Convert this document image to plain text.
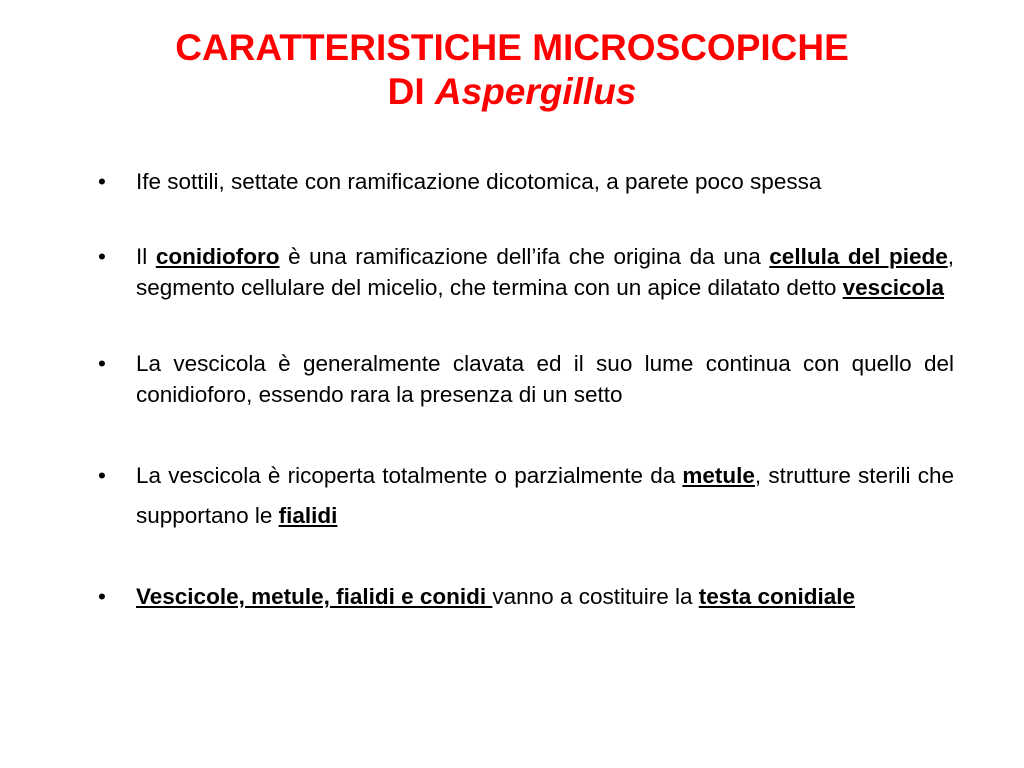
CARATTERISTICHE MICROSCOPICHE
DI Aspergillus
•	Ife sottili, settate con ramificazione dicotomica, a parete poco spessa
•	Il conidioforo è una ramificazione dell’ifa che origina da una cellula del piede, segmento cellulare del micelio, che termina con un apice dilatato detto vescicola
•	La vescicola è generalmente clavata ed il suo lume continua con quello del conidioforo, essendo rara la presenza di un setto
•	La vescicola è ricoperta totalmente o parzialmente da metule, strutture sterili che supportano le fialidi
•	Vescicole, metule, fialidi e conidi vanno a costituire la testa conidiale
